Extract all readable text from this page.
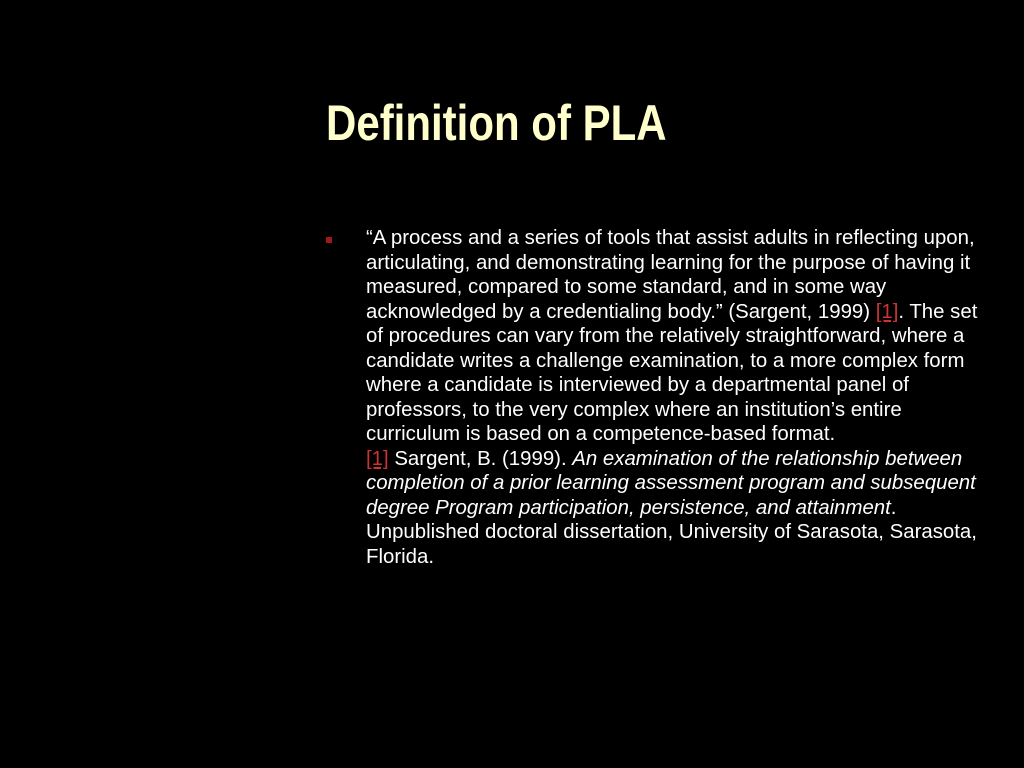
Definition of PLA
“A process and a series of tools that assist adults in reflecting upon, articulating, and demonstrating learning for the purpose of having it measured, compared to some standard, and in some way acknowledged by a credentialing body.” (Sargent, 1999) [1]. The set of procedures can vary from the relatively straightforward, where a candidate writes a challenge examination, to a more complex form where a candidate is interviewed by a departmental panel of professors, to the very complex where an institution’s entire curriculum is based on a competence-based format.
[1] Sargent, B. (1999). An examination of the relationship between completion of a prior learning assessment program and subsequent degree Program participation, persistence, and attainment. Unpublished doctoral dissertation, University of Sarasota, Sarasota, Florida.
